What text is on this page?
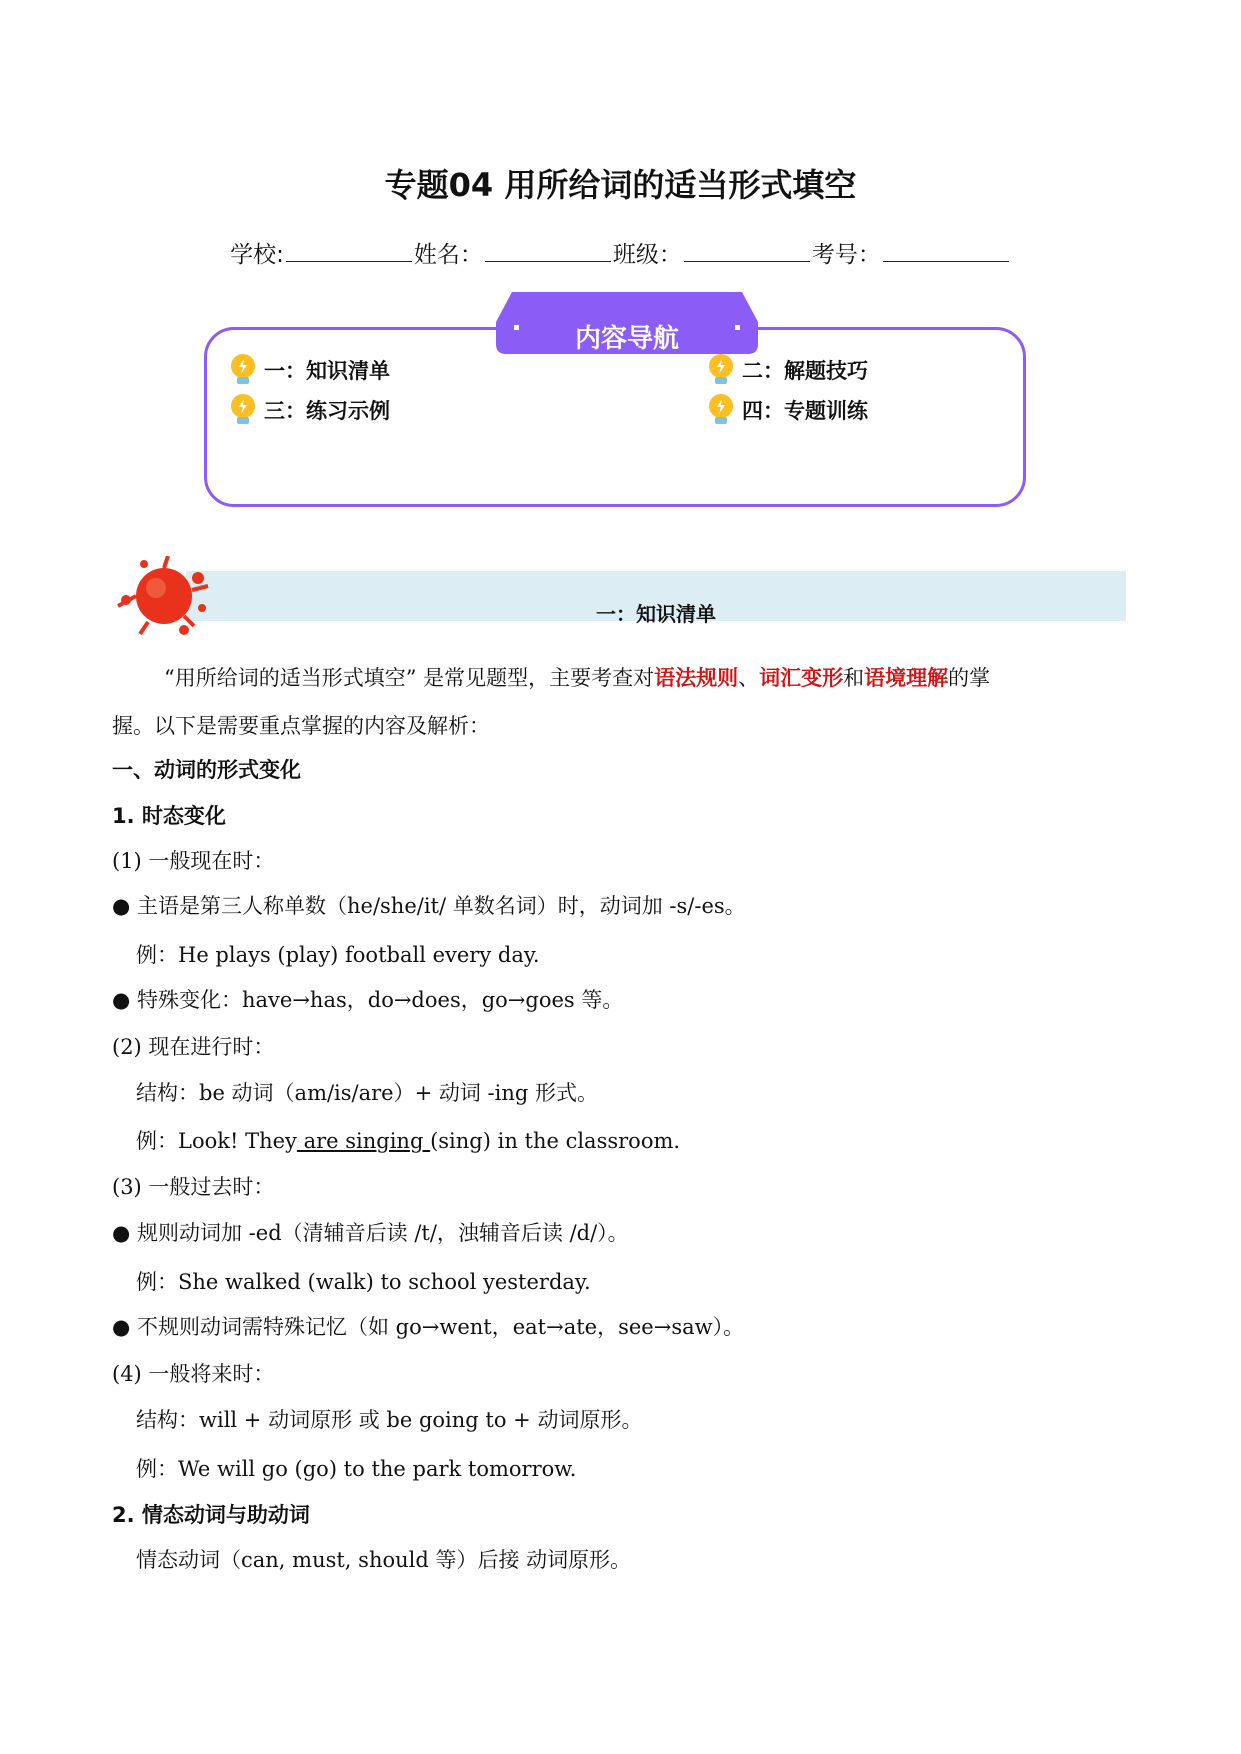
专题04 用所给词的适当形式填空
学校:	姓名：	班级：	考号：
内容导航
一：知识清单	二：解题技巧
三：练习示例	四：专题训练
一：知识清单
“用所给词的适当形式填空” 是常见题型，主要考查对语法规则、词汇变形和语境理解的掌
握。以下是需要重点掌握的内容及解析：
一、动词的形式变化
1. 时态变化
(1) 一般现在时：
● 主语是第三人称单数（he/she/it/ 单数名词）时，动词加 -s/-es。
例：He plays (play) football every day.
● 特殊变化：have→has，do→does，go→goes 等。
(2) 现在进行时：
结构：be 动词（am/is/are）+ 动词 -ing 形式。
例：Look! They are singing (sing) in the classroom.
(3) 一般过去时：
● 规则动词加 -ed（清辅音后读 /t/，浊辅音后读 /d/）。
例：She walked (walk) to school yesterday.
● 不规则动词需特殊记忆（如 go→went，eat→ate，see→saw）。
(4) 一般将来时：
结构：will + 动词原形 或 be going to + 动词原形。
例：We will go (go) to the park tomorrow.
2. 情态动词与助动词
情态动词（can, must, should 等）后接 动词原形。
